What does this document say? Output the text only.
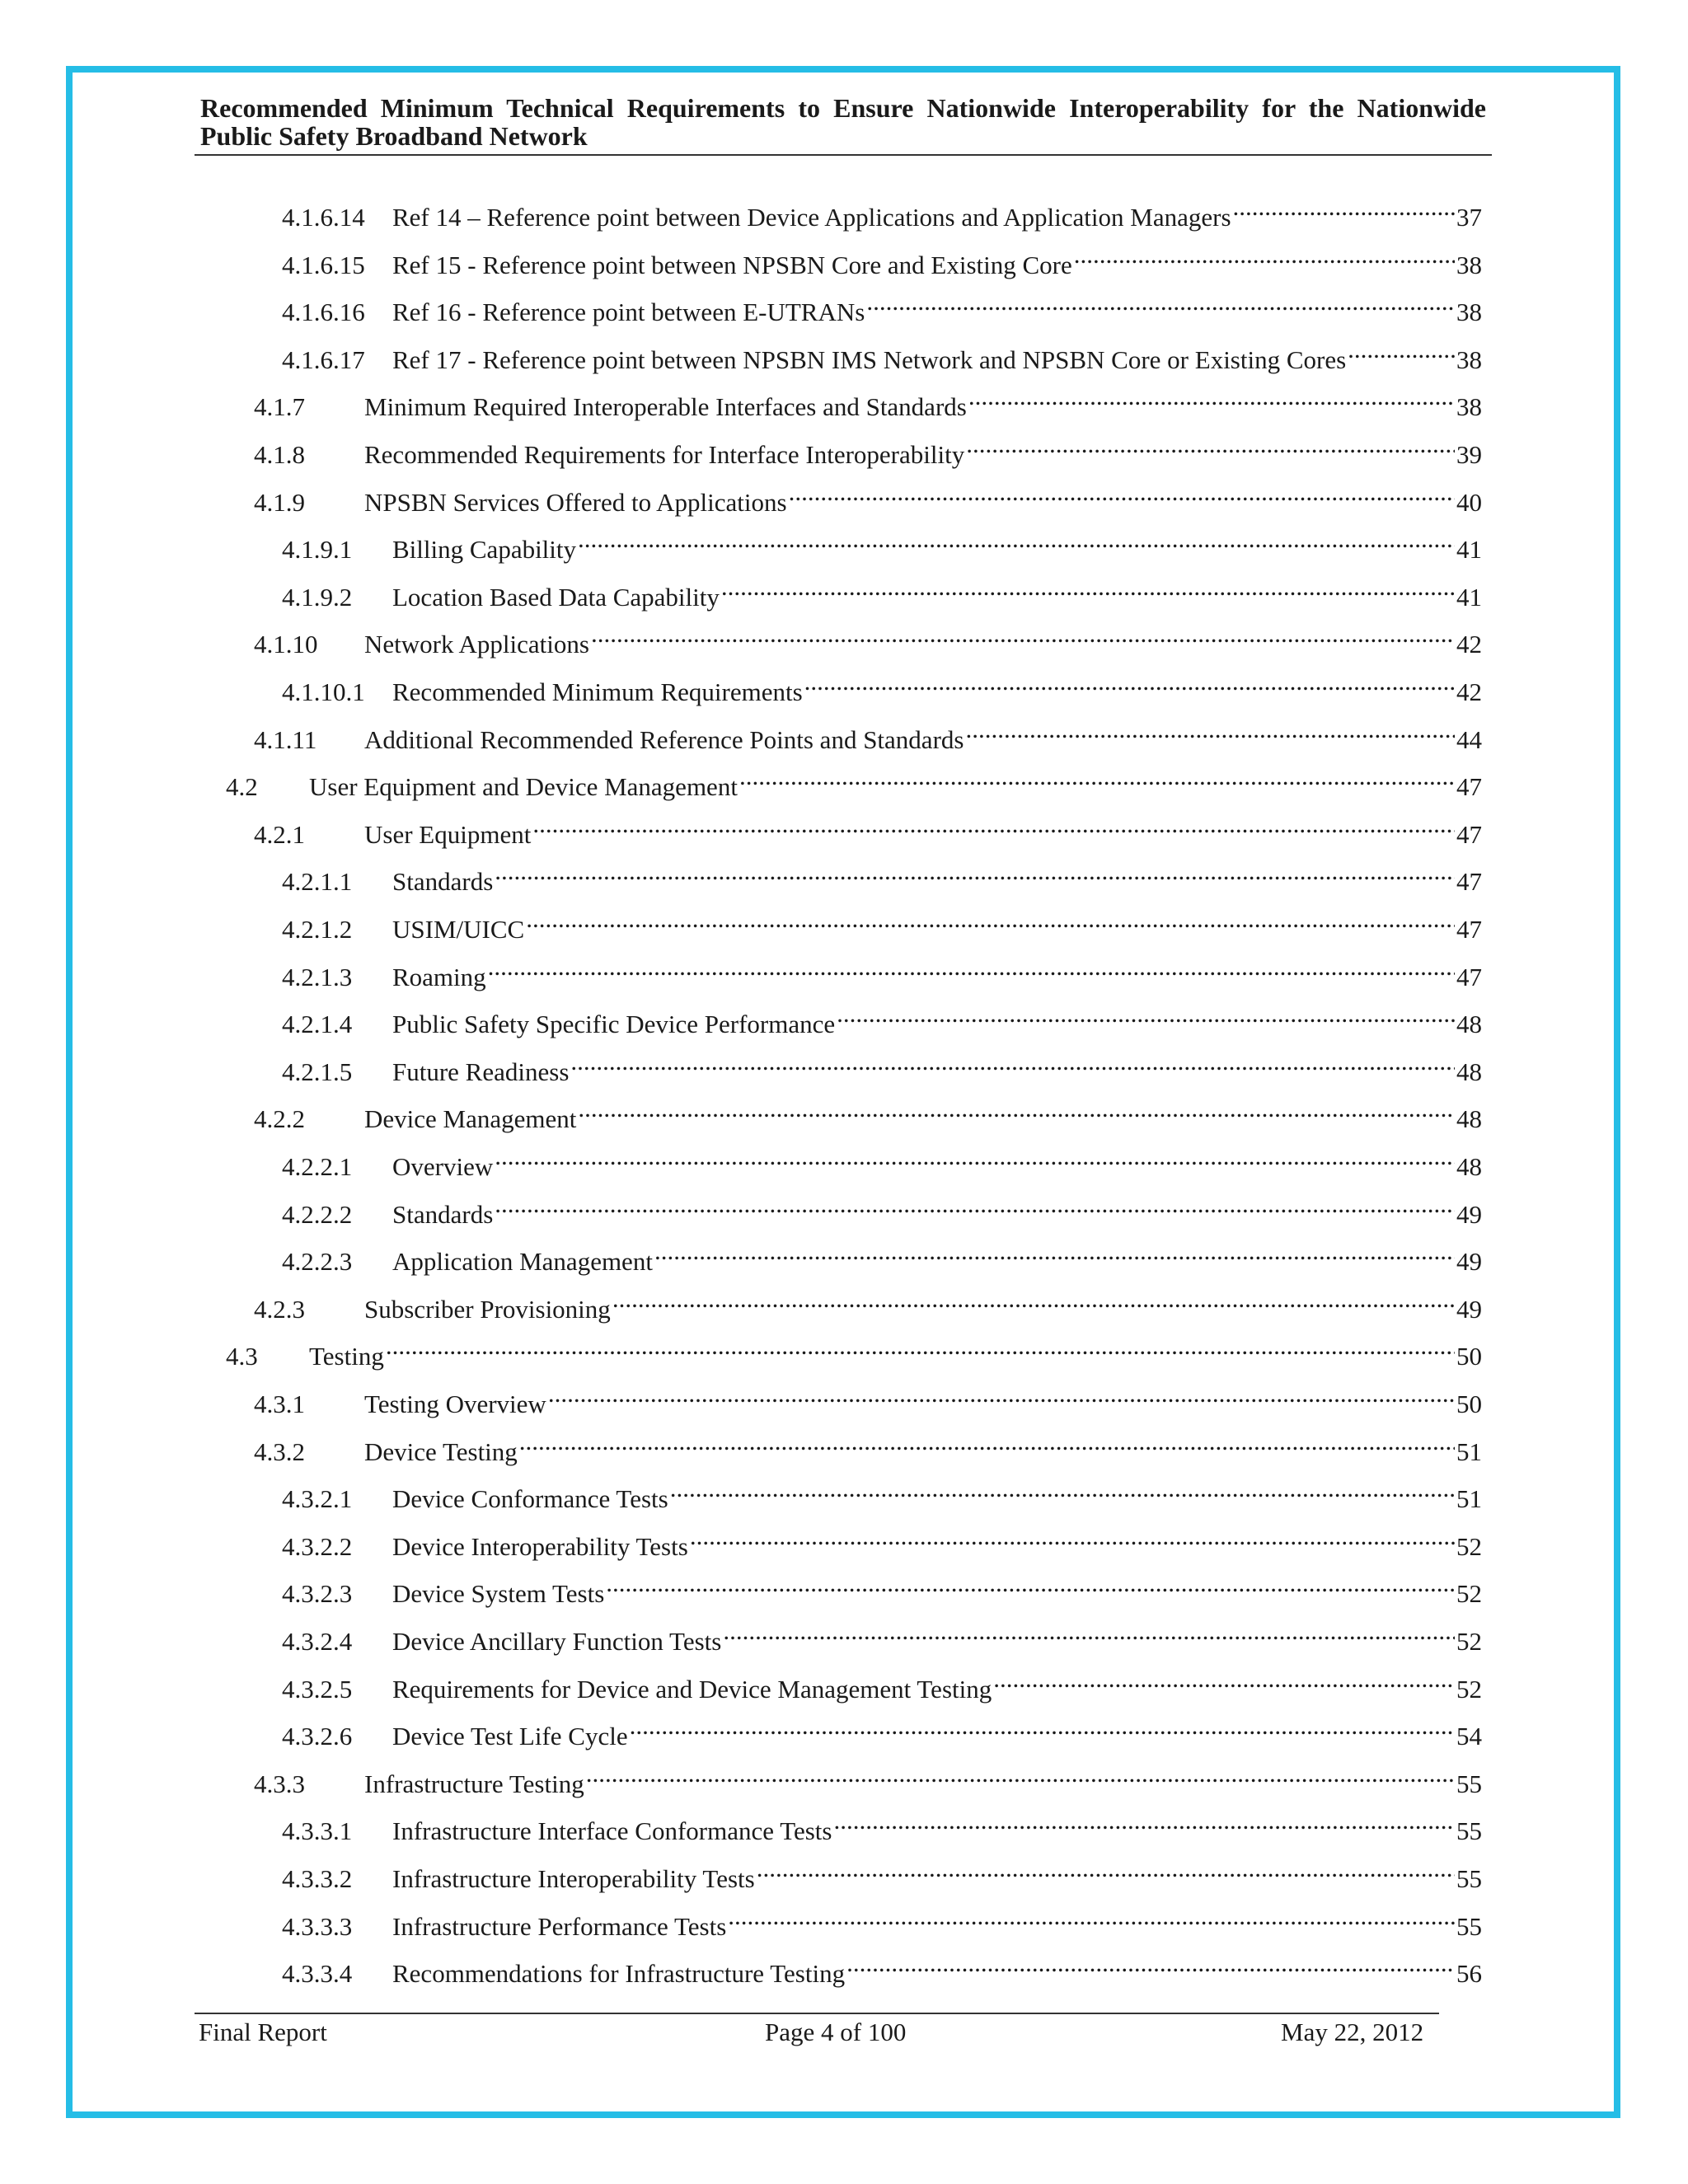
Recommended Minimum Technical Requirements to Ensure Nationwide Interoperability for the Nationwide Public Safety Broadband Network
4.1.6.14	Ref 14 – Reference point between Device Applications and Application Managers .....	37
4.1.6.15	Ref 15 - Reference point between NPSBN Core and Existing Core .....	38
4.1.6.16	Ref 16 - Reference point between E-UTRANs .....	38
4.1.6.17	Ref 17 - Reference point between NPSBN IMS Network and NPSBN Core or Existing Cores .....	38
4.1.7	Minimum Required Interoperable Interfaces and Standards .....	38
4.1.8	Recommended Requirements for Interface Interoperability .....	39
4.1.9	NPSBN Services Offered to Applications .....	40
4.1.9.1	Billing Capability .....	41
4.1.9.2	Location Based Data Capability .....	41
4.1.10	Network Applications .....	42
4.1.10.1	Recommended Minimum Requirements .....	42
4.1.11	Additional Recommended Reference Points and Standards .....	44
4.2	User Equipment and Device Management .....	47
4.2.1	User Equipment .....	47
4.2.1.1	Standards .....	47
4.2.1.2	USIM/UICC .....	47
4.2.1.3	Roaming .....	47
4.2.1.4	Public Safety Specific Device Performance .....	48
4.2.1.5	Future Readiness .....	48
4.2.2	Device Management .....	48
4.2.2.1	Overview .....	48
4.2.2.2	Standards .....	49
4.2.2.3	Application Management .....	49
4.2.3	Subscriber Provisioning .....	49
4.3	Testing .....	50
4.3.1	Testing Overview .....	50
4.3.2	Device Testing .....	51
4.3.2.1	Device Conformance Tests .....	51
4.3.2.2	Device Interoperability Tests .....	52
4.3.2.3	Device System Tests .....	52
4.3.2.4	Device Ancillary Function Tests .....	52
4.3.2.5	Requirements for Device and Device Management Testing .....	52
4.3.2.6	Device Test Life Cycle .....	54
4.3.3	Infrastructure Testing .....	55
4.3.3.1	Infrastructure Interface Conformance Tests .....	55
4.3.3.2	Infrastructure Interoperability Tests .....	55
4.3.3.3	Infrastructure Performance Tests .....	55
4.3.3.4	Recommendations for Infrastructure Testing .....	56
Final Report	Page 4 of 100	May 22, 2012
